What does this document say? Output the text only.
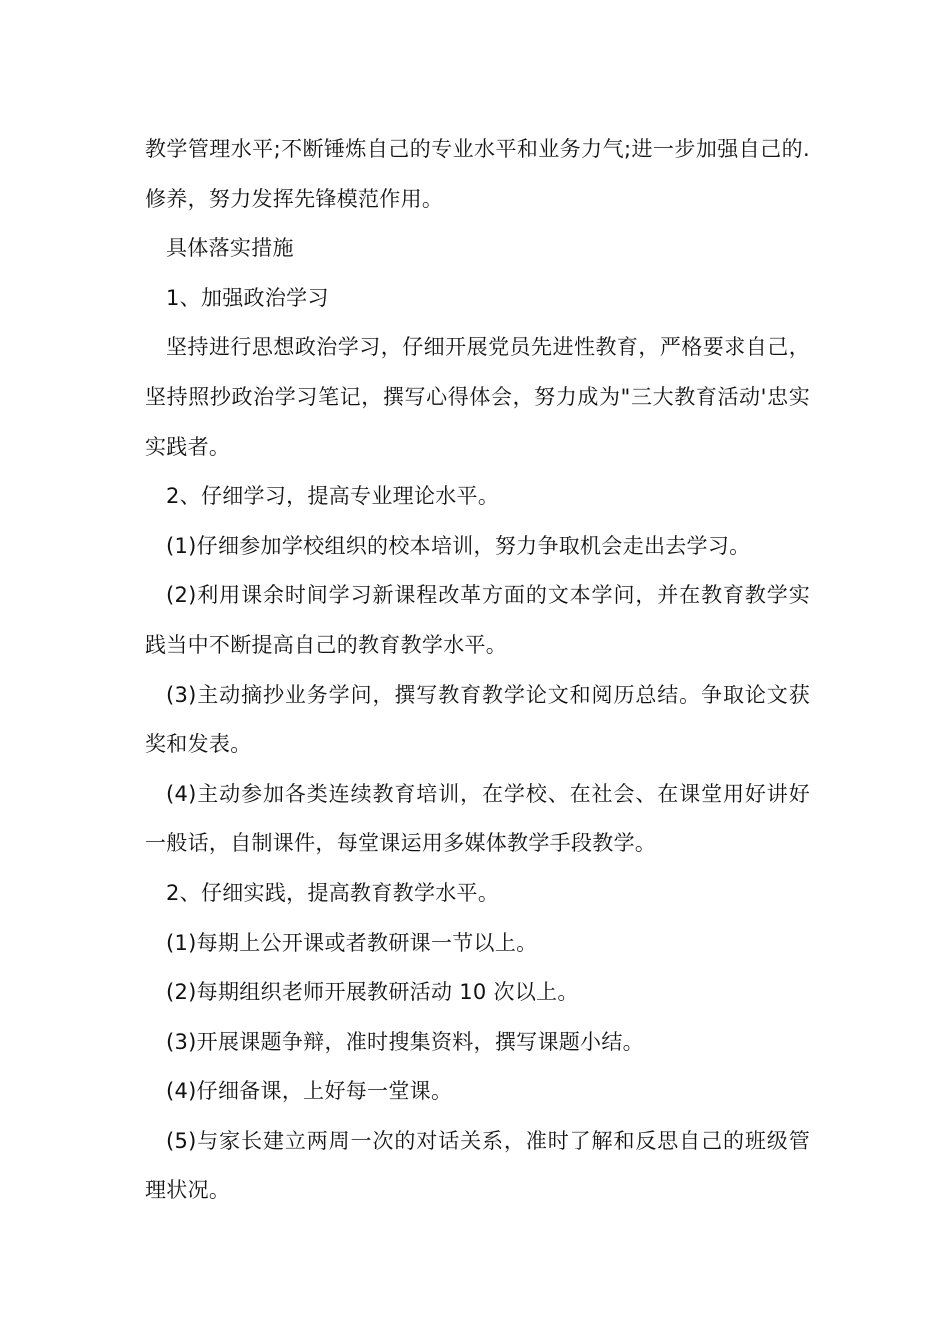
教学管理水平;不断锤炼自己的专业水平和业务力气;进一步加强自己的.修养，努力发挥先锋模范作用。

具体落实措施

1、加强政治学习

坚持进行思想政治学习，仔细开展党员先进性教育，严格要求自己，坚持照抄政治学习笔记，撰写心得体会，努力成为"三大教育活动'忠实实践者。

2、仔细学习，提高专业理论水平。

(1)仔细参加学校组织的校本培训，努力争取机会走出去学习。

(2)利用课余时间学习新课程改革方面的文本学问，并在教育教学实践当中不断提高自己的教育教学水平。

(3)主动摘抄业务学问，撰写教育教学论文和阅历总结。争取论文获奖和发表。

(4)主动参加各类连续教育培训，在学校、在社会、在课堂用好讲好一般话，自制课件，每堂课运用多媒体教学手段教学。

2、仔细实践，提高教育教学水平。

(1)每期上公开课或者教研课一节以上。

(2)每期组织老师开展教研活动 10 次以上。

(3)开展课题争辩，准时搜集资料，撰写课题小结。

(4)仔细备课，上好每一堂课。

(5)与家长建立两周一次的对话关系，准时了解和反思自己的班级管理状况。
